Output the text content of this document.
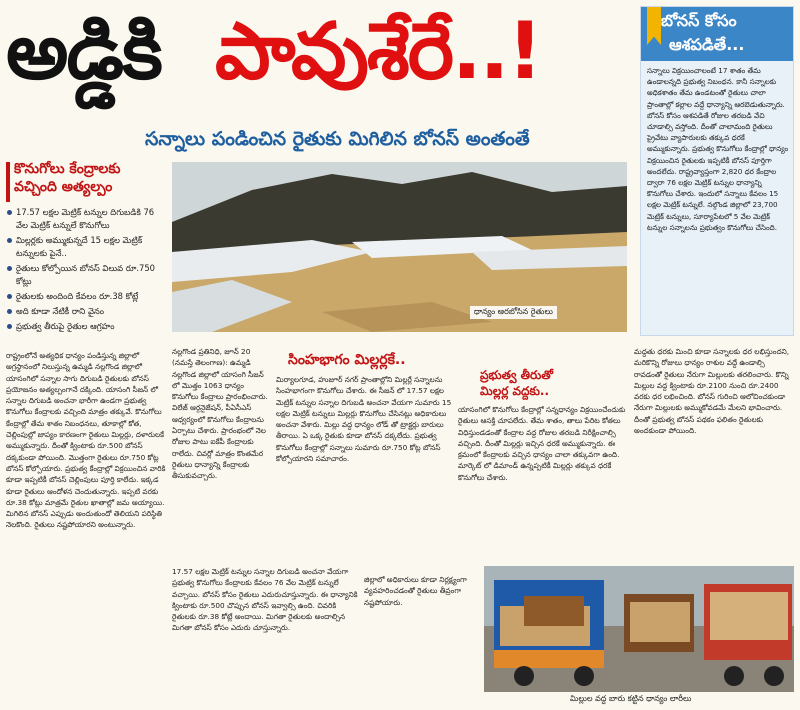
అడ్డికి పావుశేరే..!
సన్నాలు పండించిన రైతుకు మిగిలిన బోనస్ అంతంతే
బోనస్ కోసం
ఆశపడితే...
సన్నాలు విక్రయించాలంటే 17 శాతం తేమ ఉండాలన్నది ప్రభుత్వ నిబంధన. కానీ సన్నాలకు అధికశాతం తేమ ఉండటంతో రైతులు చాలా ప్రాంతాల్లో కల్లాల వద్దే ధాన్యాన్ని ఆరబెడుతున్నారు. బోనస్ కోసం ఆశపడితే రోజుల తరబడి వేచి చూడాల్సి వస్తోంది. దీంతో చాలామంది రైతులు ప్రైవేటు వ్యాపారులకు తక్కువ ధరకే అమ్ముకున్నారు. ప్రభుత్వ కొనుగోలు కేంద్రాల్లో ధాన్యం విక్రయించిన రైతులకు ఇప్పటికీ బోనస్ పూర్తిగా అందలేదు. రాష్ట్రవ్యాప్తంగా 2,820 ధర కేంద్రాల ద్వారా 76 లక్షల మెట్రిక్ టన్నుల ధాన్యాన్ని కొనుగోలు చేశారు. ఇందులో సన్నాలు కేవలం 15 లక్షల మెట్రిక్ టన్నులే. నల్గొండ జిల్లాలో 23,700 మెట్రిక్ టన్నులు, సూర్యాపేటలో 5 వేల మెట్రిక్ టన్నుల సన్నాలను ప్రభుత్వం కొనుగోలు చేసింది.
కొనుగోలు కేంద్రాలకు
వచ్చింది అత్యల్పం
17.57 లక్షల మెట్రిక్ టన్నుల దిగుబడికి 76 వేల మెట్రిక్ టన్నులే కొనుగోలు
మిల్లర్లకు అమ్ముకున్నదే 15 లక్షల మెట్రిక్ టన్నులకు పైనే..
రైతులు కోల్పోయిన బోనస్ విలువ రూ.750 కోట్లు
రైతులకు అందింది కేవలం రూ.38 కోట్లే
అది కూడా నేటికీ రాని వైనం
ప్రభుత్వ తీరుపై రైతుల ఆగ్రహం
రాష్ట్రంలోనే అత్యధిక ధాన్యం పండిస్తున్న జిల్లాలో అగ్రస్థానంలో నిలుస్తున్న ఉమ్మడి నల్లగొండ జిల్లాలో యాసంగిలో సన్నాల సాగు దిగుబడి రైతులకు బోనస్ ప్రయోజనం అత్యల్పంగానే దక్కింది. యాసంగి సీజన్ లో సన్నాల దిగుబడి అంచనా భారీగా ఉండగా ప్రభుత్వ కొనుగోలు కేంద్రాలకు వచ్చింది మాత్రం తక్కువే. కొనుగోలు కేంద్రాల్లో తేమ శాతం నిబంధనలు, తూకాల్లో కోత, చెల్లింపుల్లో జాప్యం కారణంగా రైతులు మిల్లర్లు, దళారులకే అమ్ముకున్నారు. దీంతో క్వింటాకు రూ.500 బోనస్ దక్కకుండా పోయింది. మొత్తంగా రైతులు రూ.750 కోట్ల బోనస్ కోల్పోయారు. ప్రభుత్వ కేంద్రాల్లో విక్రయించిన వారికి కూడా ఇప్పటికీ బోనస్ చెల్లింపులు పూర్తి కాలేదు. ఇక్కడ కూడా రైతులు ఆందోళన చెందుతున్నారు. ఇప్పటి వరకు రూ.38 కోట్లు మాత్రమే రైతుల ఖాతాల్లో జమ అయ్యాయి. మిగిలిన బోనస్ ఎప్పుడు అందుతుందో తెలియని పరిస్థితి నెలకొంది. రైతులు నష్టపోయారని అంటున్నారు.
ధాన్యం ఆరబోసిన రైతులు
నల్లగొండ ప్రతినిధి, జూన్ 20 (నమస్తే తెలంగాణ): ఉమ్మడి నల్లగొండ జిల్లాలో యాసంగి సీజన్ లో మొత్తం 1063 ధాన్యం కొనుగోలు కేంద్రాలు ప్రారంభించారు. విలేజ్ ఆర్గనైజేషన్, పీఏసీఎస్ ఆధ్వర్యంలో కొనుగోలు కేంద్రాలను ఏర్పాటు చేశారు. ప్రారంభంలో నెల రోజుల పాటు ఐకేపీ కేంద్రాలకు రాలేదు. చివర్లో మాత్రం కొంతమేర రైతులు ధాన్యాన్ని కేంద్రాలకు తీసుకువచ్చారు.
సింహభాగం మిల్లర్లకే..
మిర్యాలగూడ, హుజూర్ నగర్ ప్రాంతాల్లోని మిల్లర్లే సన్నాలను సింహభాగంగా కొనుగోలు చేశారు. ఈ సీజన్ లో 17.57 లక్షల మెట్రిక్ టన్నుల సన్నాల దిగుబడి అంచనా వేయగా సుమారు 15 లక్షల మెట్రిక్ టన్నులు మిల్లర్లు కొనుగోలు చేసినట్లు అధికారులు అంచనా వేశారు. మిల్లు వద్ద ధాన్యం లోడ్ తో ట్రాక్టర్లు బారులు తీరాయి. ఏ ఒక్క రైతుకు కూడా బోనస్ దక్కలేదు. ప్రభుత్వ కొనుగోలు కేంద్రాల్లో సన్నాలు సుమారు రూ.750 కోట్ల బోనస్ కోల్పోయారని సమాచారం.
17.57 లక్షల మెట్రిక్ టన్నుల సన్నాల దిగుబడి అంచనా వేయగా ప్రభుత్వ కొనుగోలు కేంద్రాలకు కేవలం 76 వేల మెట్రిక్ టన్నులే వచ్చాయి. బోనస్ కోసం రైతులు ఎదురుచూస్తున్నారు. ఈ ధాన్యానికి క్వింటాకు రూ.500 చొప్పున బోనస్ ఇవ్వాల్సి ఉంది. చివరికి రైతులకు రూ.38 కోట్లే అందాయి. మిగతా రైతులకు అందాల్సిన మిగతా బోనస్ కోసం ఎదురు చూస్తున్నారు.
జిల్లాలో అధికారులు కూడా నిర్లక్ష్యంగా వ్యవహరించడంతో రైతులు తీవ్రంగా నష్టపోయారు.
ప్రభుత్వ తీరుతో
మిల్లర్ల వద్దకు..
యాసంగిలో కొనుగోలు కేంద్రాల్లో సన్నధాన్యం విక్రయించేందుకు రైతులు ఆసక్తి చూపలేదు. తేమ శాతం, తాలు పేరిట కోతలు విధిస్తుండడంతో కేంద్రాల వద్ద రోజుల తరబడి నిరీక్షించాల్సి వచ్చింది. దీంతో మిల్లర్లు ఇచ్చిన ధరకే అమ్ముకున్నారు. ఈ క్రమంలో కేంద్రాలకు వచ్చిన ధాన్యం చాలా తక్కువగా ఉంది. మార్కెట్ లో డిమాండ్ ఉన్నప్పటికీ మిల్లర్లు తక్కువ ధరకే కొనుగోలు చేశారు.
మద్దతు ధరకు మించి కూడా సన్నాలకు ధర లభిస్తుందని, మరికొన్ని రోజులు ధాన్యం రాశుల వద్దే ఉండాల్సి రావడంతో రైతులు నేరుగా మిల్లులకు తరలించారు. కొన్ని మిల్లుల వద్ద క్వింటాకు రూ.2100 నుంచి రూ.2400 వరకు ధర లభించింది. బోనస్ గురించి ఆలోచించకుండా నేరుగా మిల్లులకు అమ్ముకోవడమే మేలని భావించారు. దీంతో ప్రభుత్వ బోనస్ పథకం ఫలితం రైతులకు అందకుండా పోయింది.
మిల్లుల వద్ద బారు కట్టిన ధాన్యం లారీలు
